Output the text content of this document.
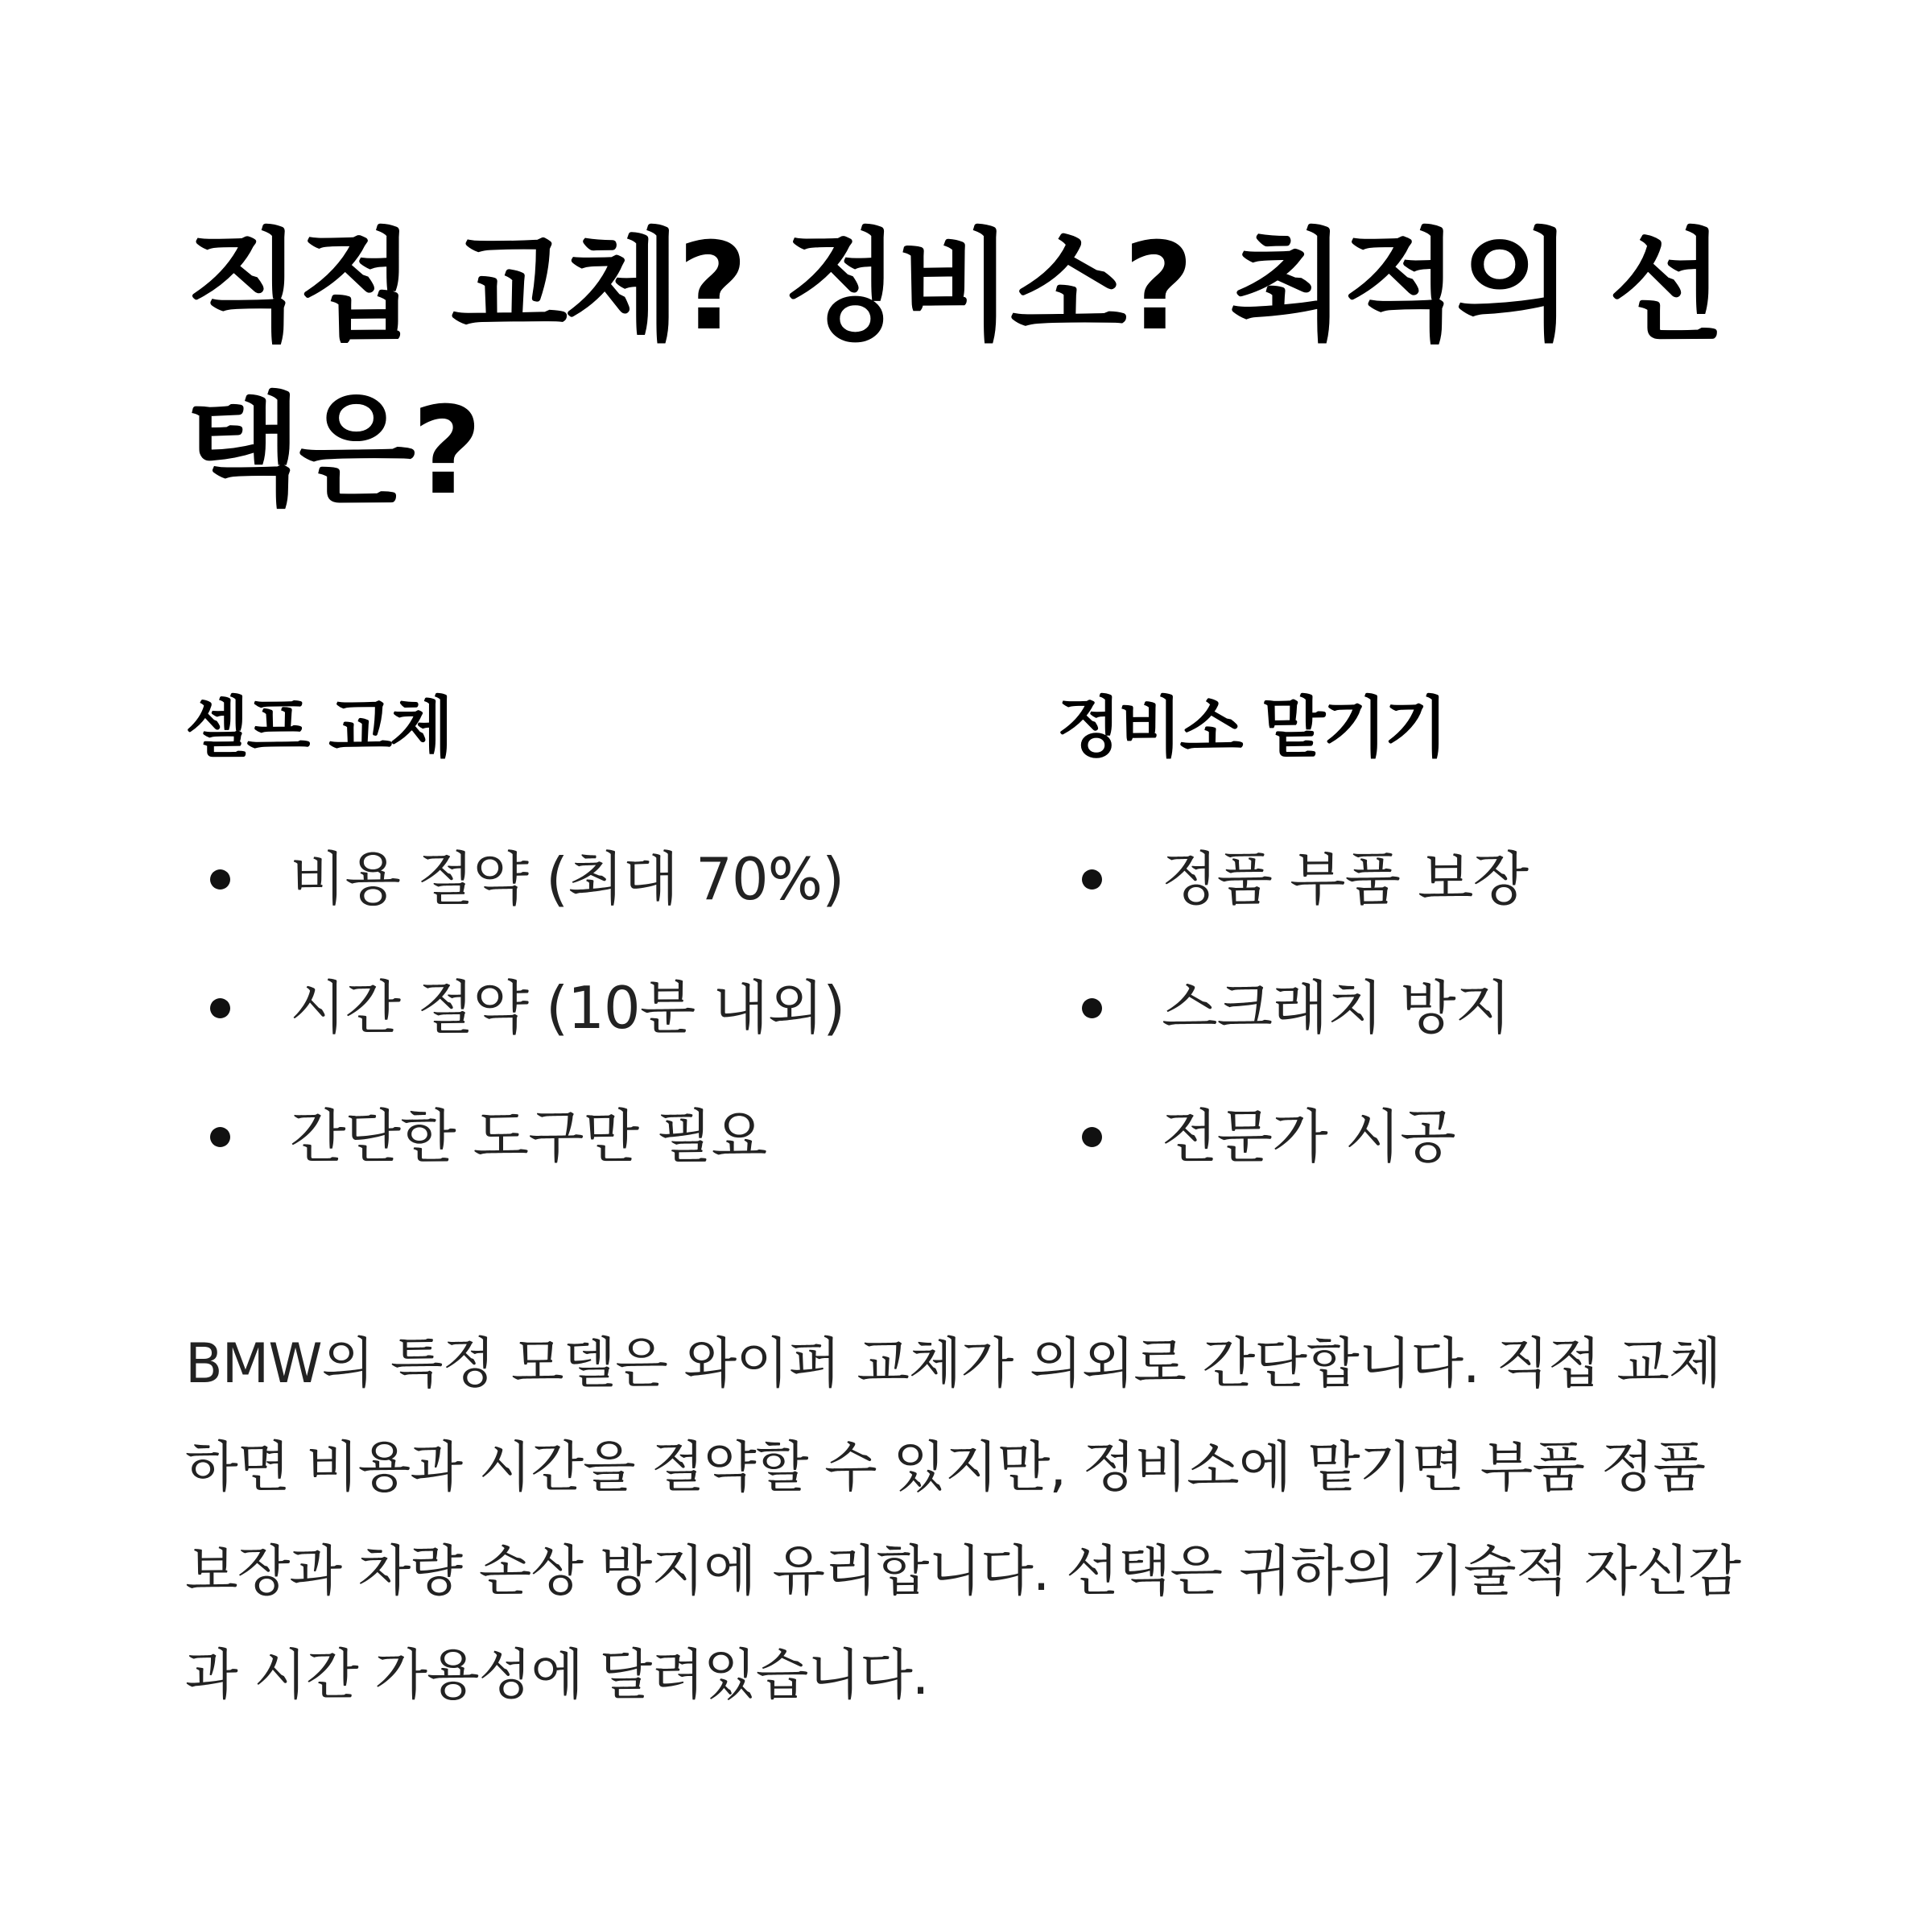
직접 교체? 정비소? 최적의 선택은?
셀프 교체
비용 절약 (최대 70%)
시간 절약 (10분 내외)
간단한 도구만 필요
정비소 맡기기
정품 부품 보장
스크래치 방지
전문가 시공

BMW의 특정 모델은 와이퍼 교체가 의외로 간단합니다. 직접 교체하면 비용과 시간을 절약할 수 있지만, 정비소에 맡기면 부품 정품 보장과 차량 손상 방지에 유리합니다. 선택은 귀하의 기술적 자신감과 시간 가용성에 달려있습니다.
